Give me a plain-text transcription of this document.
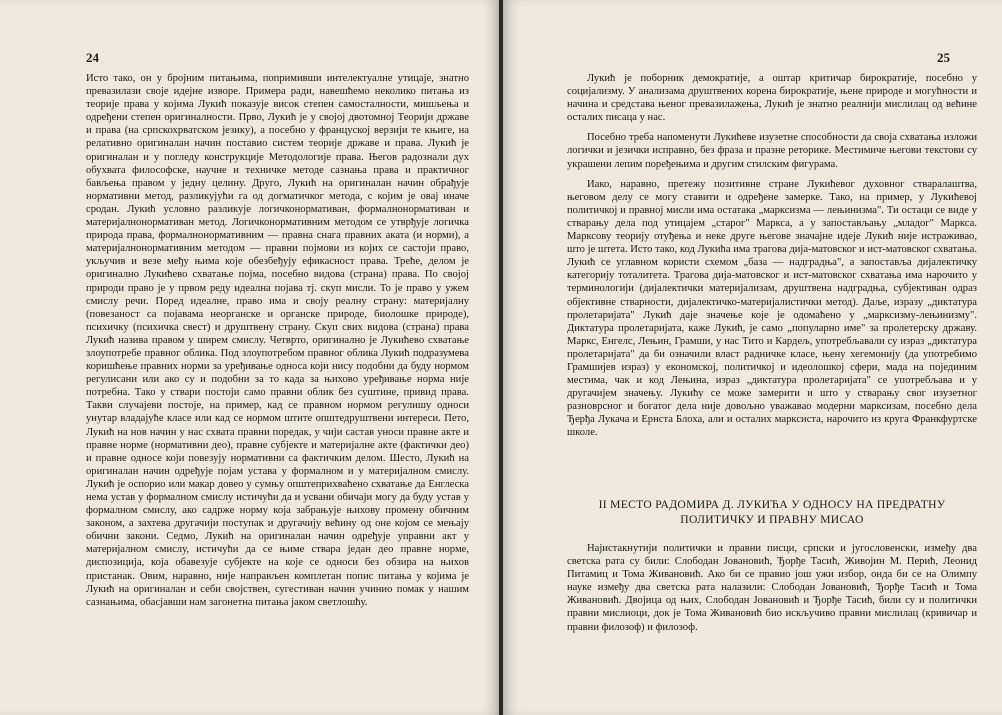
24

Исто тако, он у бројним питањима, попримивши интелектуалне утицаје, знатно превазилази своје идејне изворе. Примера ради, навешћемо неколико питања из теорије права у којима Лукић показује висок степен самосталности, мишљења и одређени степен оригиналности. Прво, Лукић је у својој двотомној Теорији државе и права (на српскохрватском језику), а посебно у француској верзији те књиге, на релативно оригиналан начин поставио систем теорије државе и права. Лукић је оригиналан и у погледу конструкције Методологије права. Његов радознали дух обухвата философске, научне и техничке методе сазнања права и практичног бављења правом у једну целину. Друго, Лукић на оригиналан начин обрађује нормативни метод, разликујући га од догматичког метода, с којим је овај иначе сродан. Лукић условно разликује логичконормативан, формалнонормативан и материјалнонормативан метод. Логичконормативним методом се утврђује логичка природа права, формалнонормативним — правна снага правних аката (и норми), а материјалнонормативним методом — правни појмови из којих се састоји право, укључив и везе међу њима које обезбеђују ефикасност права. Треће, делом је оригинално Лукићево схватање појма, посебно видова (страна) права. По својој природи право је у првом реду идеална појава тј. скуп мисли. То је право у ужем смислу речи. Поред идеалне, право има и своју реалну страну: материјалну (повезаност са појавама неорганске и органске природе, биолошке природе), психичку (психичка свест) и друштвену страну. Скуп свих видова (страна) права Лукић назива правом у ширем смислу. Четврто, оригинално је Лукићево схватање злоупотребе правног облика. Под злоупотребом правног облика Лукић подразумева коришћење правних норми за уређивање односа који нису подобни да буду нормом регулисани или ако су и подобни за то када за њихово уређивање норма није потребна. Тако у ствари постоји само правни облик без суштине, привид права. Такви случајеви постоје, на пример, кад се правном нормом регулишу односи унутар владајуће класе или кад се нормом штите општедруштвени интереси. Пето, Лукић на нов начин у нас схвата правни поредак, у чији састав уноси правне акте и правне норме (нормативни део), правне субјекте и материјалне акте (фактички део) и правне односе који повезују нормативни са фактичким делом. Шесто, Лукић на оригиналан начин одређује појам устава у формалном и у материјалном смислу. Лукић је оспорио или макар довео у сумњу општеприхваћено схватање да Енглеска нема устав у формалном смислу истичући да и усвани обичаји могу да буду устав у формалном смислу, ако садрже норму која забрањује њихову промену обичним законом, а захтева другачији поступак и другачију већину од оне којом се мењају обични закони. Седмо, Лукић на оригиналан начин одређује управни акт у материјалном смислу, истичући да се њиме ствара један део правне норме, диспозиција, која обавезује субјекте на које се односи без обзира на њихов пристанак. Овим, наравно, није направљен комплетан попис питања у којима је Лукић на оригиналан и себи својствен, сугестиван начин учинио помак у нашим сазнањима, обасјавши нам загонетна питања јаком светлошћу.

25

Лукић је поборник демократије, а оштар критичар бирократије, посебно у социјализму. У анализама друштвених корена бирократије, њене природе и могућности и начина и средстава њеног превазилажења, Лукић је знатно реалнији мислилац од већине осталих писаца у нас.

Посебно треба напоменути Лукићеве изузетне способности да своја схватања изложи логички и језички исправно, без фраза и празне реторике. Местимиче његови текстови су украшени лепим поређењима и другим стилским фигурама.

Иако, наравно, претежу позитивне стране Лукићевог духовног стваралаштва, његовом делу се могу ставити и одређене замерке. Тако, на пример, у Лукићевој политичкој и правној мисли има остатака „марксизма — лењинизма". Ти остаци се виде у стварању дела под утицајем „старог" Маркса, а у запостављању „младог" Маркса. Марксову теорију отуђења и неке друге његове значајне идеје Лукић није истраживао, што је штета. Исто тако, код Лукића има трагова дија-матовског и ист-матовског схватања. Лукић се углавном користи схемом „база — надградња", а запоставља дијалектичку категорију тоталитета. Трагова дија-матовског и ист-матовског схватања има нарочито у терминологији (дијалектички материјализам, друштвена надградња, субјективан одраз објективне стварности, дијалектичко-материјалистички метод). Даље, изразу „диктатура пролетаријата" Лукић даје значење које је одомаћено у „марксизму-лењинизму". Диктатура пролетаријата, каже Лукић, је само „популарно име" за пролетерску државу. Маркс, Енгелс, Лењин, Грамши, у нас Тито и Кардељ, употребљавали су израз „диктатура пролетаријата" да би означили власт радничке класе, њену хегемонију (да употребимо Грамшијев израз) у економској, политичкој и идеолошкој сфери, мада на појединим местима, чак и код Лењина, израз „диктатура пролетаријата" се употребљава и у другачијем значењу. Лукићу се може замерити и што у стварању свог изузетног разноврсног и богатог дела није довољно уважавао модерни марксизам, посебно дела Ђерђа Лукача и Ернста Блоха, али и осталих марксиста, нарочито из круга Франкфуртске школе.

II МЕСТО РАДОМИРА Д. ЛУКИЋА У ОДНОСУ НА ПРЕДРАТНУ
ПОЛИТИЧКУ И ПРАВНУ МИСАО

Најистакнутији политички и правни писци, српски и југословенски, између два светска рата су били: Слободан Јовановић, Ђорђе Тасић, Живојин М. Перић, Леонид Питамиц и Тома Живановић. Ако би се правио још ужи избор, онда би се на Олимпу науке између два светска рата налазили: Слободан Јовановић, Ђорђе Тасић и Тома Живановић. Двојица од њих, Слободан Јовановић и Ђорђе Тасић, били су и политички правни мислиоци, док је Тома Живановић био искључиво правни мислилац (кривичар и правни филозоф) и филозоф.
